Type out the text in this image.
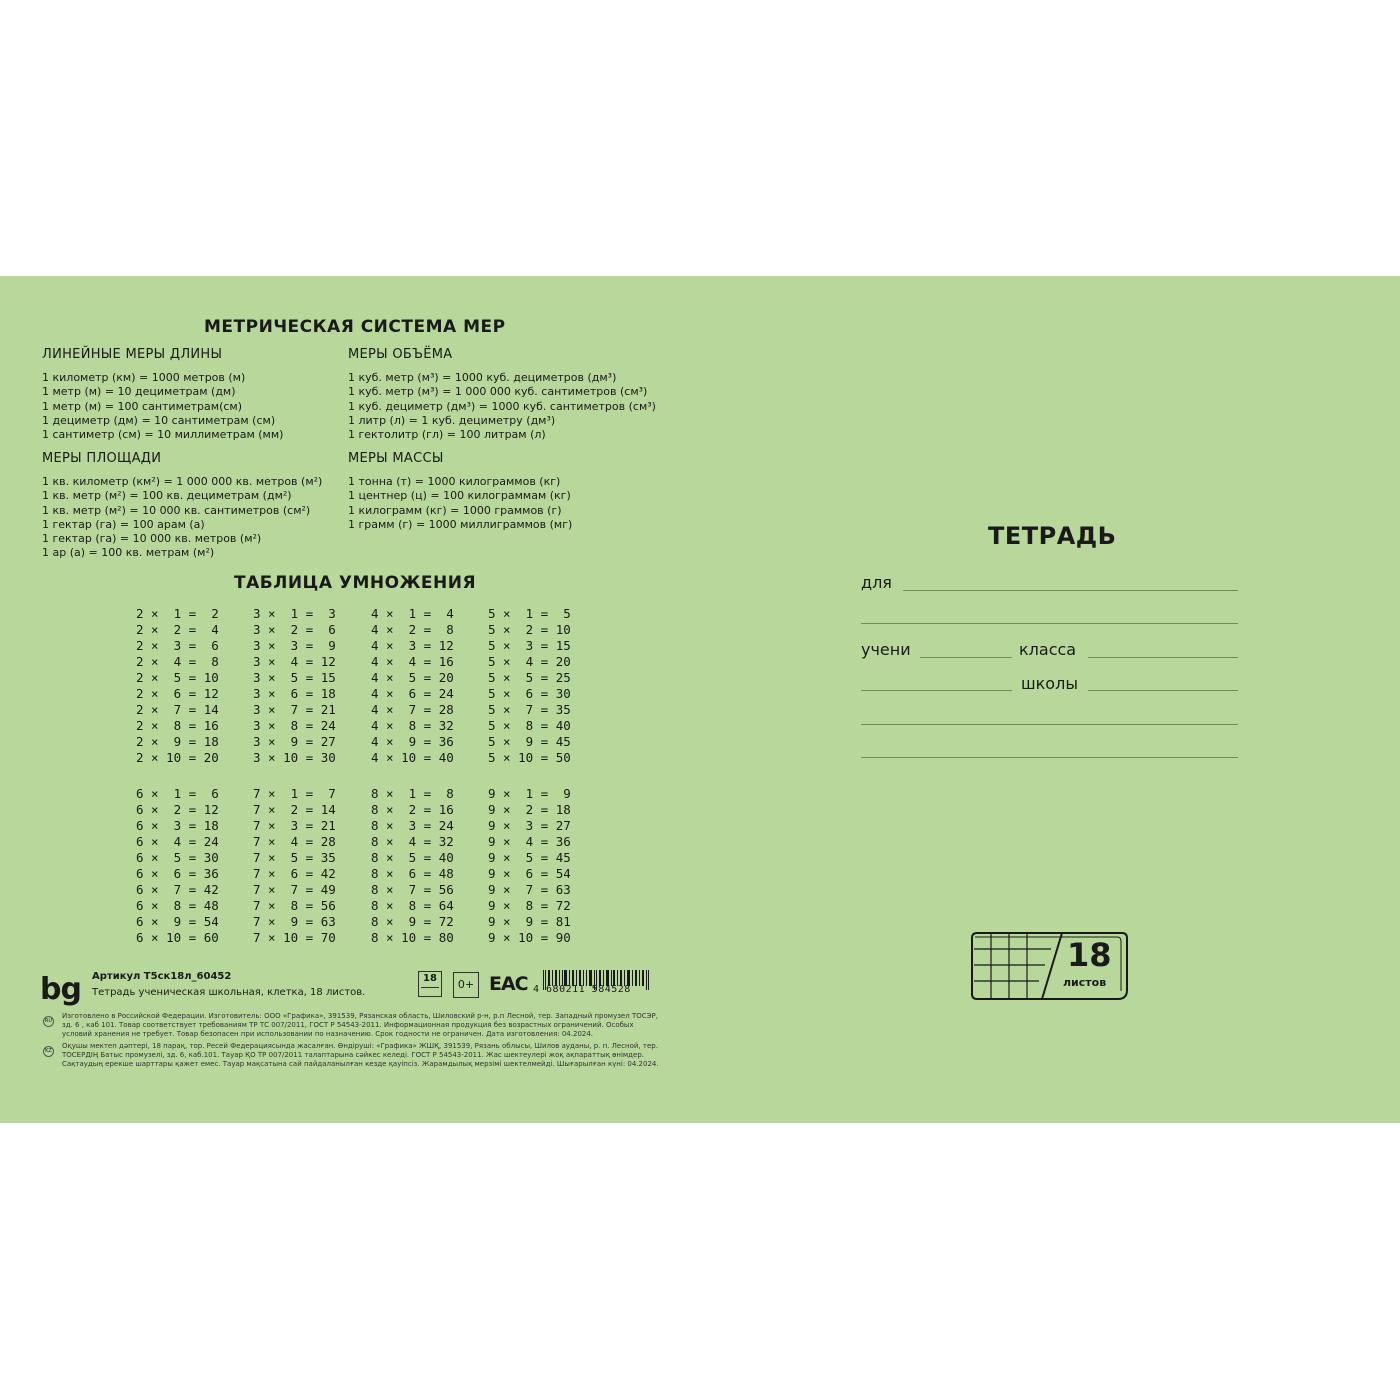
МЕТРИЧЕСКАЯ СИСТЕМА МЕР
ЛИНЕЙНЫЕ МЕРЫ ДЛИНЫ
1 километр (км) = 1000 метров (м)
1 метр (м) = 10 дециметрам (дм)
1 метр (м) = 100 сантиметрам(см)
1 дециметр (дм) = 10 сантиметрам (см)
1 сантиметр (см) = 10 миллиметрам (мм)
МЕРЫ ОБЪЁМА
1 куб. метр (м³) = 1000 куб. дециметров (дм³)
1 куб. метр (м³) = 1 000 000 куб. сантиметров (см³)
1 куб. дециметр (дм³) = 1000 куб. сантиметров (см³)
1 литр (л) = 1 куб. дециметру (дм³)
1 гектолитр (гл) = 100 литрам (л)
МЕРЫ ПЛОЩАДИ
1 кв. километр (км²) = 1 000 000 кв. метров (м²)
1 кв. метр (м²) = 100 кв. дециметрам (дм²)
1 кв. метр (м²) = 10 000 кв. сантиметров (см²)
1 гектар (га) = 100 арам (а)
1 гектар (га) = 10 000 кв. метров (м²)
1 ар (а) = 100 кв. метрам (м²)
МЕРЫ МАССЫ
1 тонна (т) = 1000 килограммов (кг)
1 центнер (ц) = 100 килограммам (кг)
1 килограмм (кг) = 1000 граммов (г)
1 грамм (г) = 1000 миллиграммов (мг)
ТАБЛИЦА УМНОЖЕНИЯ
2 ×  1 =  2
2 ×  2 =  4
2 ×  3 =  6
2 ×  4 =  8
2 ×  5 = 10
2 ×  6 = 12
2 ×  7 = 14
2 ×  8 = 16
2 ×  9 = 18
2 × 10 = 20
3 ×  1 =  3
3 ×  2 =  6
3 ×  3 =  9
3 ×  4 = 12
3 ×  5 = 15
3 ×  6 = 18
3 ×  7 = 21
3 ×  8 = 24
3 ×  9 = 27
3 × 10 = 30
4 ×  1 =  4
4 ×  2 =  8
4 ×  3 = 12
4 ×  4 = 16
4 ×  5 = 20
4 ×  6 = 24
4 ×  7 = 28
4 ×  8 = 32
4 ×  9 = 36
4 × 10 = 40
5 ×  1 =  5
5 ×  2 = 10
5 ×  3 = 15
5 ×  4 = 20
5 ×  5 = 25
5 ×  6 = 30
5 ×  7 = 35
5 ×  8 = 40
5 ×  9 = 45
5 × 10 = 50
6 ×  1 =  6
6 ×  2 = 12
6 ×  3 = 18
6 ×  4 = 24
6 ×  5 = 30
6 ×  6 = 36
6 ×  7 = 42
6 ×  8 = 48
6 ×  9 = 54
6 × 10 = 60
7 ×  1 =  7
7 ×  2 = 14
7 ×  3 = 21
7 ×  4 = 28
7 ×  5 = 35
7 ×  6 = 42
7 ×  7 = 49
7 ×  8 = 56
7 ×  9 = 63
7 × 10 = 70
8 ×  1 =  8
8 ×  2 = 16
8 ×  3 = 24
8 ×  4 = 32
8 ×  5 = 40
8 ×  6 = 48
8 ×  7 = 56
8 ×  8 = 64
8 ×  9 = 72
8 × 10 = 80
9 ×  1 =  9
9 ×  2 = 18
9 ×  3 = 27
9 ×  4 = 36
9 ×  5 = 45
9 ×  6 = 54
9 ×  7 = 63
9 ×  8 = 72
9 ×  9 = 81
9 × 10 = 90
bg Артикул Т5ск18л_60452
Тетрадь ученическая школьная, клетка, 18 листов.
18	0+ EAC 4 680211 584528
RU
Изготовлено в Российской Федерации. Изготовитель: ООО «Графика», 391539, Рязанская область, Шиловский р-н, р.п Лесной, тер. Западный промузел ТОСЭР, зд. 6 , каб 101. Товар соответствует требованиям ТР ТС 007/2011, ГОСТ Р 54543-2011. Информационная продукция без возрастных ограничений. Особых условий хранения не требует. Товар безопасен при использовании по назначению. Срок годности не ограничен. Дата изготовления: 04.2024.
KZ
Оқушы мектеп дәптері, 18 парақ, тор. Ресей Федерациясында жасалған. Өндіруші: «Графика» ЖШҚ, 391539, Рязань облысы, Шилов ауданы, р. п. Лесной, тер. ТОСЕРДІҢ Батыс промузелі, зд. 6, каб.101. Тауар ҚО ТР 007/2011 талаптарына сәйкес келеді. ГОСТ Р 54543-2011. Жас шектеулері жоқ ақпараттық өнімдер. Сақтаудың ерекше шарттары қажет емес. Тауар мақсатына сай пайдаланылған кезде қауіпсіз. Жарамдылық мерзімі шектелмейді. Шығарылған күні: 04.2024.
ТЕТРАДЬ
для
учени	класса
школы
18
листов
